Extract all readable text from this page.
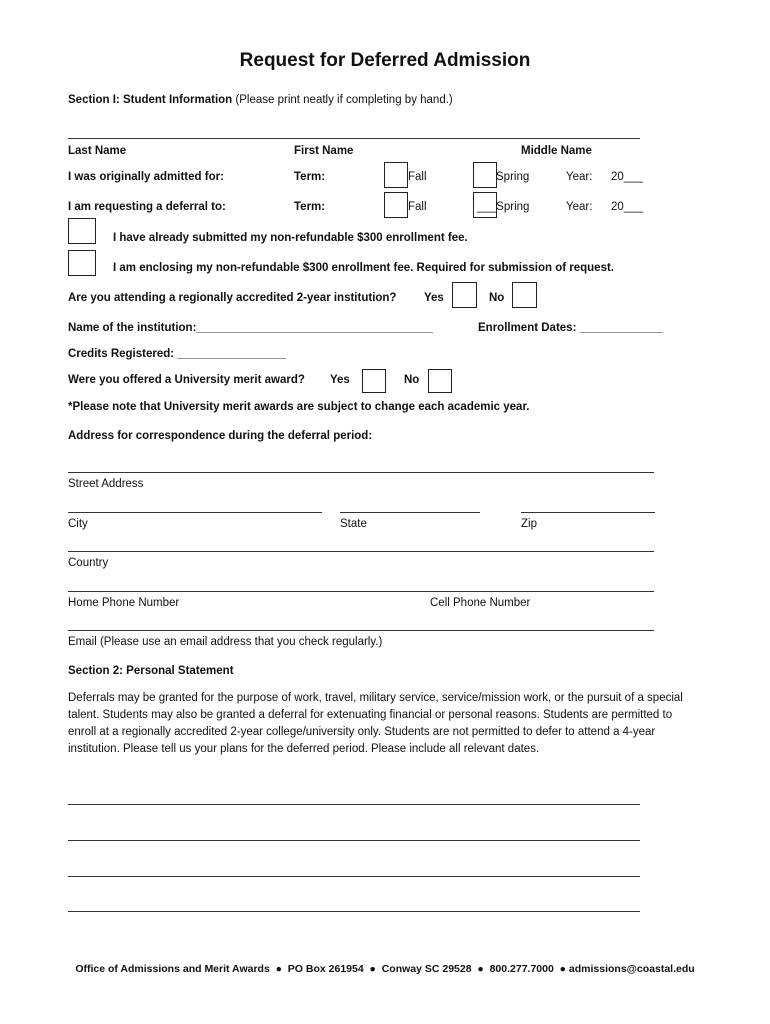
Request for Deferred Admission
Section I: Student Information (Please print neatly if completing by hand.)
Last Name	First Name	Middle Name
I was originally admitted for:	Term:	Fall	Spring	Year: 20___
I am requesting a deferral to:	Term:	Fall	___Spring	Year: 20___
I have already submitted my non-refundable $300 enrollment fee.
I am enclosing my non-refundable $300 enrollment fee. Required for submission of request.
Are you attending a regionally accredited 2-year institution? Yes	No
Name of the institution:_____________________________________	Enrollment Dates: _____________
Credits Registered: _________________
Were you offered a University merit award? Yes	No
*Please note that University merit awards are subject to change each academic year.
Address for correspondence during the deferral period:
Street Address
City	State	Zip
Country
Home Phone Number	Cell Phone Number
Email (Please use an email address that you check regularly.)
Section 2: Personal Statement
Deferrals may be granted for the purpose of work, travel, military service, service/mission work, or the pursuit of a special talent. Students may also be granted a deferral for extenuating financial or personal reasons. Students are permitted to enroll at a regionally accredited 2-year college/university only. Students are not permitted to defer to attend a 4-year institution. Please tell us your plans for the deferred period. Please include all relevant dates.
Office of Admissions and Merit Awards  ●  PO Box 261954  ●  Conway SC 29528  ●  800.277.7000  ● admissions@coastal.edu
